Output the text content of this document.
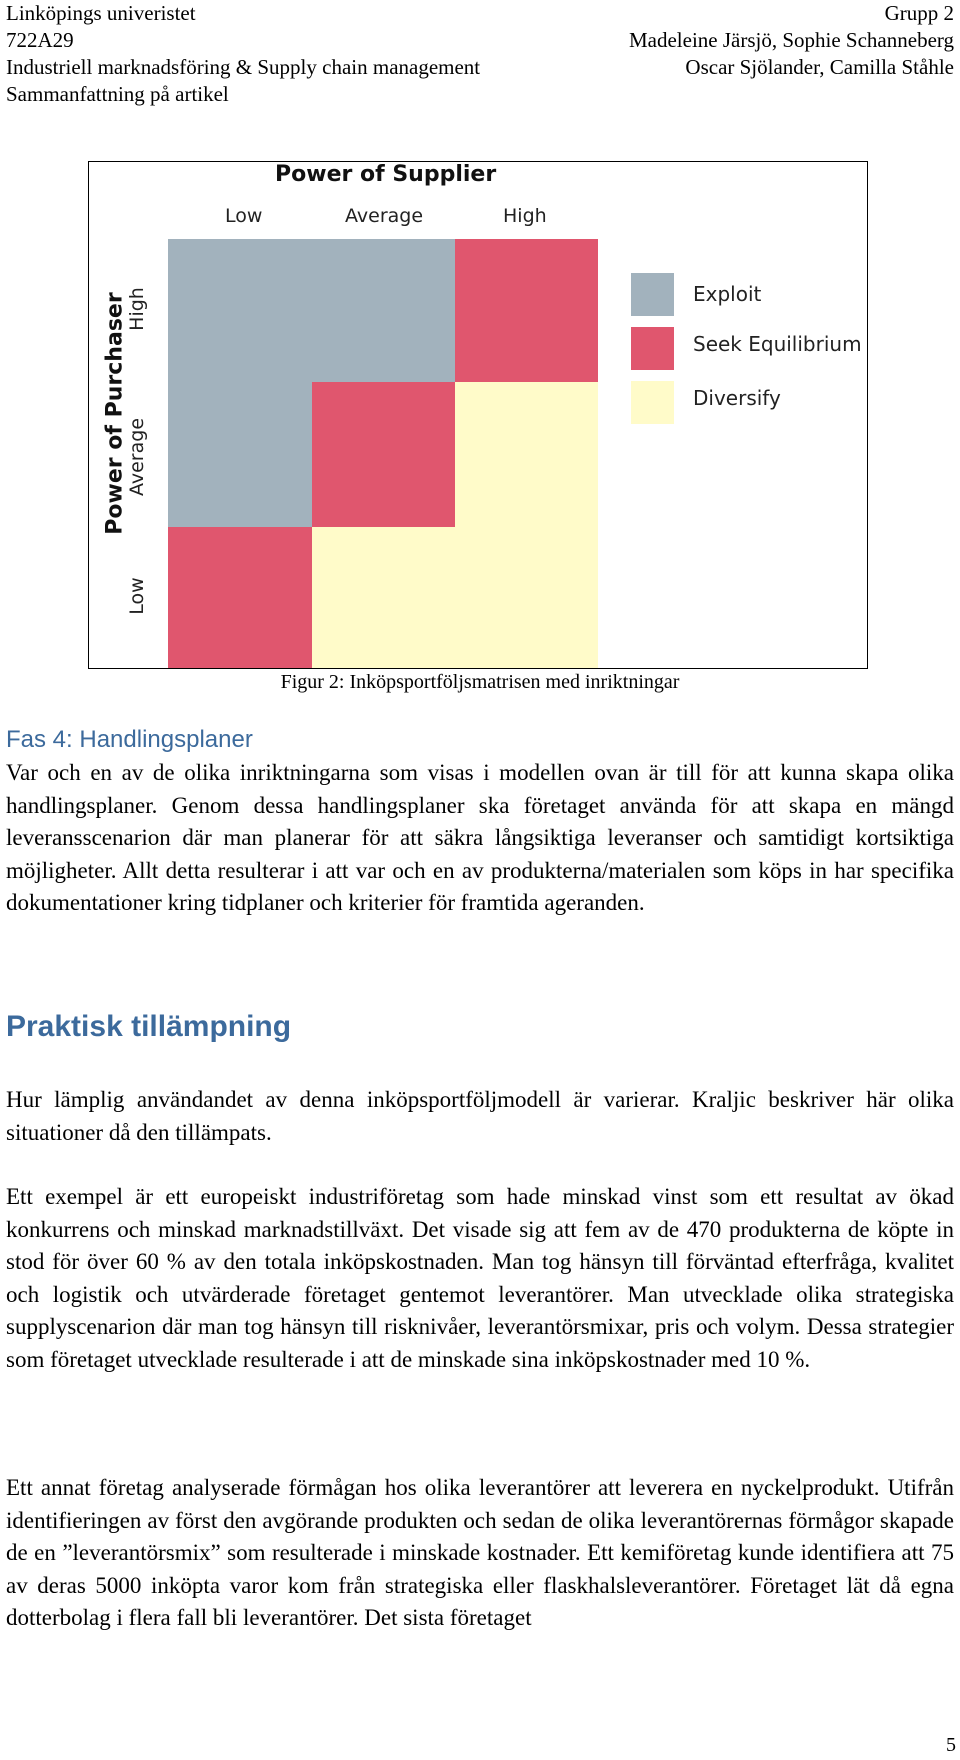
Linköpings univeristet
722A29
Industriell marknadsföring & Supply chain management
Sammanfattning på artikel
Grupp 2
Madeleine Järsjö, Sophie Schanneberg
Oscar Sjölander, Camilla Ståhle
Power of Supplier
Low	Average	High
Power of Purchaser
High
Average
Low
Exploit
Seek Equilibrium
Diversify
Figur 2: Inköpsportföljsmatrisen med inriktningar
Fas 4: Handlingsplaner

Var och en av de olika inriktningarna som visas i modellen ovan är till för att kunna skapa olika handlingsplaner. Genom dessa handlingsplaner ska företaget använda för att skapa en mängd leveransscenarion där man planerar för att säkra långsiktiga leveranser och samtidigt kortsiktiga möjligheter. Allt detta resulterar i att var och en av produkterna/materialen som köps in har specifika dokumentationer kring tidplaner och kriterier för framtida ageranden.

Praktisk tillämpning

Hur lämplig användandet av denna inköpsportföljmodell är varierar. Kraljic beskriver här olika situationer då den tillämpats.

Ett exempel är ett europeiskt industriföretag som hade minskad vinst som ett resultat av ökad konkurrens och minskad marknadstillväxt. Det visade sig att fem av de 470 produkterna de köpte in stod för över 60 % av den totala inköpskostnaden. Man tog hänsyn till förväntad efterfråga, kvalitet och logistik och utvärderade företaget gentemot leverantörer. Man utvecklade olika strategiska supplyscenarion där man tog hänsyn till risknivåer, leverantörsmixar, pris och volym. Dessa strategier som företaget utvecklade resulterade i att de minskade sina inköpskostnader med 10 %.

Ett annat företag analyserade förmågan hos olika leverantörer att leverera en nyckelprodukt. Utifrån identifieringen av först den avgörande produkten och sedan de olika leverantörernas förmågor skapade de en ”leverantörsmix” som resulterade i minskade kostnader. Ett kemiföretag kunde identifiera att 75 av deras 5000 inköpta varor kom från strategiska eller flaskhalsleverantörer. Företaget lät då egna dotterbolag i flera fall bli leverantörer. Det sista företaget

5
